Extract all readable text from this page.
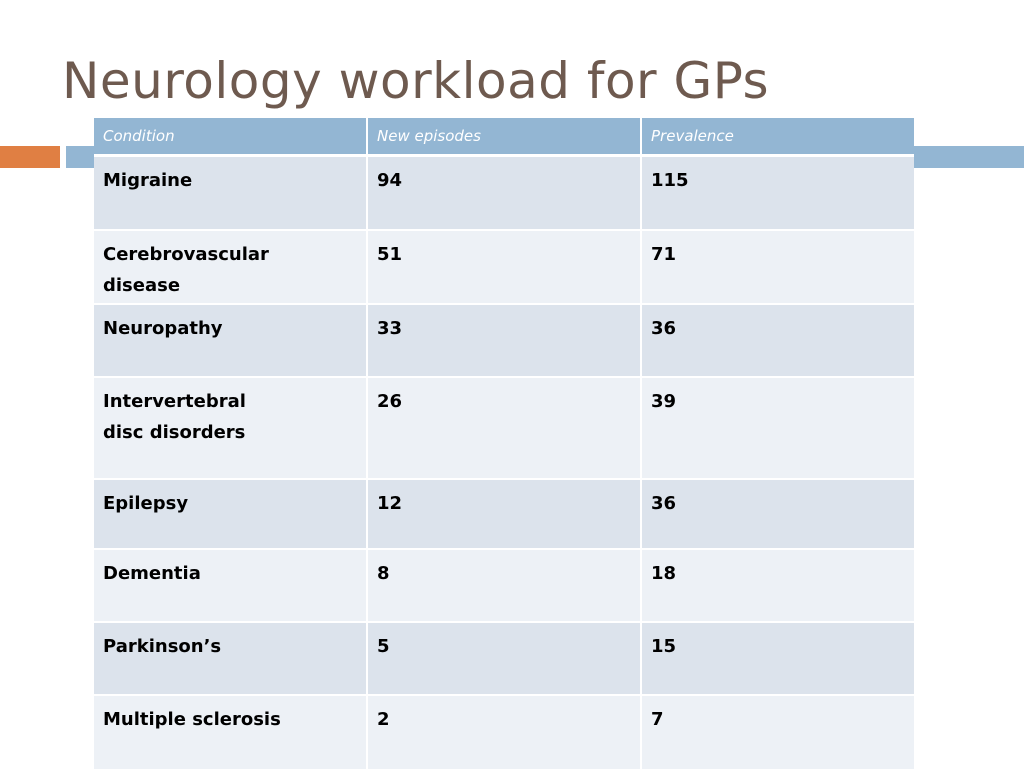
Neurology workload for GPs
Condition	New episodes	Prevalence
Migraine	94	115
Cerebrovascular
disease	51	71
Neuropathy	33	36
Intervertebral
disc disorders	26	39
Epilepsy	12	36
Dementia	8	18
Parkinson’s	5	15
Multiple sclerosis	2	7
